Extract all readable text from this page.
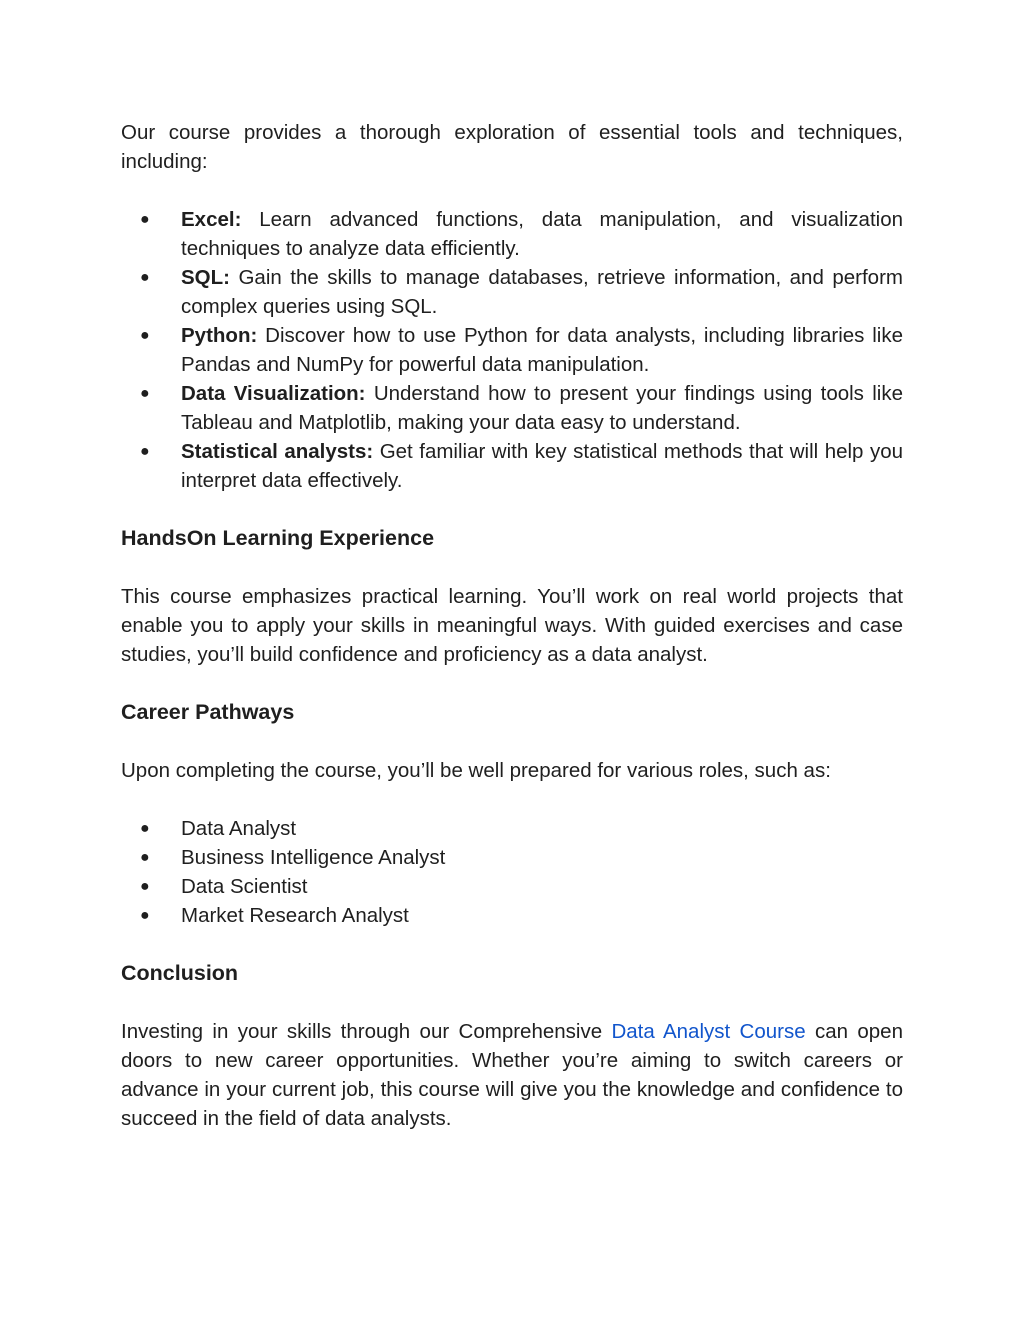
Our course provides a thorough exploration of essential tools and techniques, including:

● Excel: Learn advanced functions, data manipulation, and visualization techniques to analyze data efficiently.
● SQL: Gain the skills to manage databases, retrieve information, and perform complex queries using SQL.
● Python: Discover how to use Python for data analysts, including libraries like Pandas and NumPy for powerful data manipulation.
● Data Visualization: Understand how to present your findings using tools like Tableau and Matplotlib, making your data easy to understand.
● Statistical analysts: Get familiar with key statistical methods that will help you interpret data effectively.
HandsOn Learning Experience

This course emphasizes practical learning. You’ll work on real world projects that enable you to apply your skills in meaningful ways. With guided exercises and case studies, you’ll build confidence and proficiency as a data analyst.

Career Pathways

Upon completing the course, you’ll be well prepared for various roles, such as:

● Data Analyst
● Business Intelligence Analyst
● Data Scientist
● Market Research Analyst
Conclusion

Investing in your skills through our Comprehensive Data Analyst Course can open doors to new career opportunities. Whether you’re aiming to switch careers or advance in your current job, this course will give you the knowledge and confidence to succeed in the field of data analysts.
